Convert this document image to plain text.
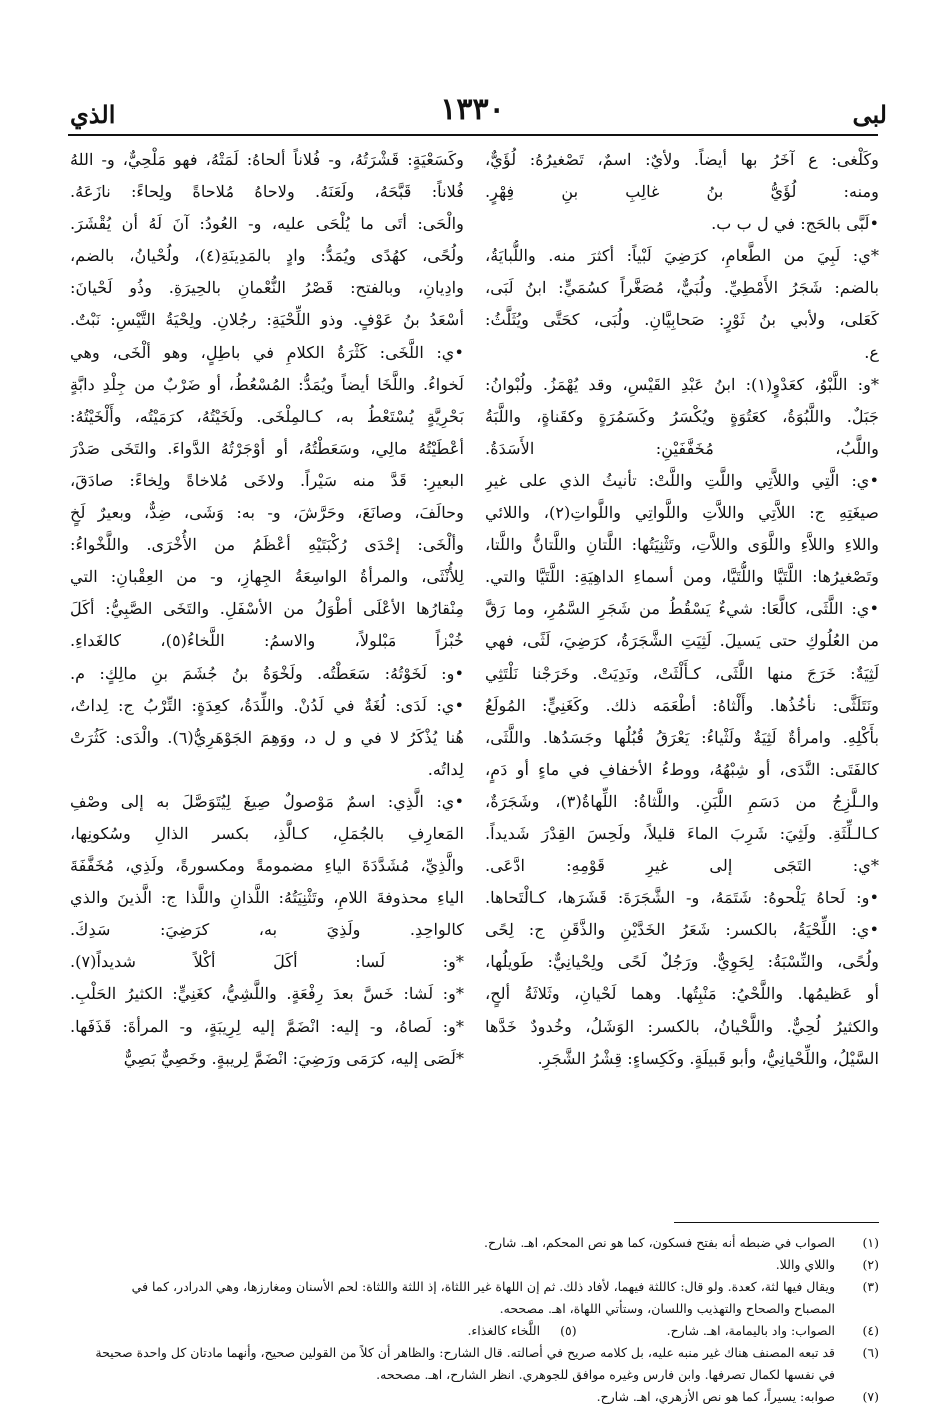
لبى
١٣٣٠
الذي
وكَلْغى: ع آخَرُ بها أيضاً. ولأيٌ: اسمٌ، تَصْغيرُهُ: لُؤَيٌّ،
ومنه: لُؤَيُّ بنُ غالِبِ بنِ فِهْرٍ.
•لَبَّى بالحَج: في ل ب ب.
*ي: لَبِيَ من الطَّعامِ، كرَضِيَ لَبْياً: أكثرَ منه. واللُّبايَةُ،
بالضم: شَجَرُ الأَمْطِيِّ. ولُبَيٌّ، مُصَغَّراً كسُمَيٍّ: ابنُ لَبَى،
كَعَلى، ولأبي بنُ ثَوْرٍ: صَحابِيَّانِ. ولُبَى، كحَتَّى ويُثَلَّثُ:
ع.
*و: اللَّبْوُ، كعَدْوٍ(١): ابنُ عَبْدِ القَيْسِ، وقد يُهْمَزُ. ولُبْوانُ:
جَبَلٌ. واللَّبُوَةُ، كعَتُوَةٍ ويُكْسَرُ وكَسَمُرَةٍ وكقَناةٍ، واللَّبَةُ
واللَّبُ، مُخَفَّفَيْنِ: الأَسَدَةُ.
•ي: الَّتِي واللاَّتِي واللَّتِ واللَّتْ: تأنيثُ الذي على غيرِ
صيغَتِهِ ج: اللاَّتِي واللاَّتِ واللَّواتِي واللَّواتِ(٢)، واللائي
واللاءِ واللاَّءِ واللَّوَى واللاَّتِ، وتَثْنِيَتُها: اللَّتانِ واللَّتانُّ واللَّتا،
وتَصْغيرُها: اللَّتَيَّا واللُّتَيَّا، ومن أسماءِ الداهِيَةِ: اللَّتَيَّا والتي.
•ي: اللَّثَى، كالَّعَا: شيءٌ يَسْقُطُ من شَجَرِ السَّمُرِ، وما رَقَّ
من العُلُوكِ حتى يَسيلَ. لَثِيَتِ الشَّجَرَةُ، كرَضِيَ، لَثًى، فهي
لَثِيَةٌ: خَرَجَ منها اللَّثَى، كـأَلْثَتْ، ونَدِيَتْ. وخَرَجْنا نَلْتَثِي
ونَتَلَثَّى: نأخُذُها. وأَلْثاهُ: أطْعَمَه ذلك. وكَغَنِيٍّ: المُولَعُ
بأَكْلِهِ. وامرأةٌ لَثِيَةٌ ولَثْياءُ: يَعْرَقُ قُبُلُها وجَسَدُها. واللَّثَى،
كالفَتَى: النَّدَى، أو شِبْهُهُ، ووطءُ الأخفافِ في ماءٍ أو دَمٍ،
والـلَّزِجُ من دَسَمِ اللَّبَنِ. واللَّثاةُ: اللِّهاةُ(٣)، وشَجَرَةٌ،
كـالـلِّثَةِ. ولَثِيَ: شَرِبَ الماءَ قليلاً، ولَحِسَ القِدْرَ شَديداً.
*ي: التَجَى إلى غيرِ قَوْمِهِ: ادَّعَى.
•و: لَحاهُ يَلْحوهُ: شَتَمَهُ، و- الشَّجَرَةَ: قَشَرَها، كـالْتَحاها.
•ي: اللِّحْيَةُ، بالكسر: شَعَرُ الخَدَّيْنِ والذَّقَنِ ج: لِحًى
ولُحًى، والنِّسْبَةُ: لِحَوِيٌّ. ورَجُلٌ لَحًى ولِحْيانِيٌّ: طَويلُها،
أو عَظيمُها. واللَّحْيُ: مَنْبِتُها. وهما لَحْيانِ، وثَلاثَةُ ألحٍ،
والكثيرُ لُحِيٌّ. واللَّحْيانُ، بالكسر: الوَشَلُ، وخُدودٌ خَدَّها
السَّيْلُ، واللِّحْيانِيُّ، وأبو قَبيلَةٍ. وكَكِساءٍ: قِشْرُ الشَّجَرِ.
وكَسَعْيَةٍ: قَشْرَتُهُ، و- فُلاناً ألحاهُ: لَمَتْهُ، فهو مَلْحِيٌّ، و- اللهُ
فُلاناً: قَبَّحَهُ، ولَعَنَهُ. ولاحاهُ مُلاحاةً ولِحاءً: نازَعَهُ.
والْحَى: أتَى ما يُلْحَى عليه، و- العُودُ: آنَ لَهُ أن يُقْشَرَ.
ولُحًى، كهُدًى ويُمَدُّ: وادٍ بالمَدِينَةِ(٤)، ولُحْيانُ، بالضم،
وادِيانِ، وبالفتح: قَصْرُ النُّعْمانِ بالحِيرَةِ. وذُو لَحْيانَ:
أسْعَدُ بنُ عَوْفٍ. وذو اللِّحْيَةِ: رجُلانِ. ولِحْيَةُ التَّيْسِ: نَبْتٌ.
•ي: اللَّخَى: كَثْرَةُ الكلامِ في باطِلٍ، وهو ألْخَى، وهي
لَخواءُ. واللَّخَا أيضاً ويُمَدُّ: المُسْعُطُ، أو ضَرْبٌ من جِلْدِ دابَّةٍ
بَحْرِيَّةٍ يُسْتَعْطُ به، كـالمِلْخَى. ولَخَيْتُهُ، كرَمَيْتُه، وأَلْخَيْتُهُ:
أعْطَيْتُهُ مالِي، وسَعَطْتُهُ، أو أوْجَرْتُهُ الدَّواءَ. والتَخَى صَدْرَ
البعيرِ: قَدَّ منه سَيْراً. ولاخَى مُلاخاةً ولِخاءً: صادَقَ،
وحالَفَ، وصانَعَ، وحَرَّشَ، و- به: وَشَى، ضِدٌّ، وبعيرٌ لَخٍ
وألْخَى: إحْدَى رُكْبَتَيْهِ أعْظَمُ من الأُخْرَى. واللَّخْواءُ:
لِلأُنْثَى، والمرأةُ الواسِعَةُ الجِهازِ، و- من العِقْبانِ: التي
مِنْقارُها الأعْلَى أطْوَلُ من الأسْفَلِ. والتَخَى الصَّبِيُّ: أكَلَ
خُبْزاً مَبْلولاً، والاسمُ: اللَّخاءُ(٥)، كالغَداءِ.
•و: لَخَوْتُهُ: سَعَطْتُه. ولَخْوَةُ بنُ جُشَمَ بنِ مالِكٍ: م.
•ي: لَدَى: لُغَةٌ في لَدُنْ. واللِّدَةُ، كعِدَةٍ: التِّرْبُ ج: لِداتٌ،
هُنا يُذْكَرُ لا في و ل د، ووَهِمَ الجَوْهَرِيُّ(٦). والْدَى: كَثُرَتْ
لِداتُه.
•ي: الَّذِي: اسمٌ مَوْصولٌ صِيغَ لِيُتَوَصَّلَ به إلى وصْفِ
المَعارِفِ بالجُمَلِ، كـالَّذِ، بكسر الذالِ وسُكونِها،
والَّذِيِّ، مُشَدَّدَةَ الياءِ مضمومةً ومكسورةً، ولَذِي، مُخَفَّفَةَ
الياءِ محذوفةَ اللامِ، وتَثْنِيَتُهُ: اللَّذانِ واللَّذا ج: الَّذينَ والذي
كالواحِدِ. ولَذِيَ به، كرَضِيَ: سَدِكَ.
*و: لَسا: أكَلَ أكْلاً شديداً(٧).
*و: لَشا: خَسَّ بعدَ رِفْعَةٍ. واللَّشِيُّ، كغَنِيٍّ: الكثيرُ الحَلْبِ.
*و: لَصاهُ، و- إليه: انْضَمَّ إليه لِرِيبَةٍ، و- المرأةَ: قَذَفَها.
*لَصَى إليه، كرَمَى ورَضِيَ: انْضَمَّ لِريبةٍ. وخَصِيٌّ بَصِيٌّ
(١)
الصواب في ضبطه أنه بفتح فسكون، كما هو نص المحكم، اهـ. شارح.
(٢)
واللاي واللا.
(٣)
ويقال فيها لثة، كعدة. ولو قال: كاللثة فيهما، لأفاد ذلك. ثم إن اللهاة غير اللثاة، إذ اللثة واللثاة: لحم الأسنان ومغارزها، وهي الدرادر، كما في
المصباح والصحاح والتهذيب واللسان، وستأتي اللهاة، اهـ. مصححه.
(٤)
الصواب: واد باليمامة، اهـ. شارح.
(٥)
اللَّخاء كالغذاء.
(٦)
قد تبعه المصنف هناك غير منبه عليه، بل كلامه صريح في أصالته. قال الشارح: والظاهر أن كلاً من القولين صحيح، وأنهما مادتان كل واحدة صحيحة
في نفسها لكمال تصرفها. وابن فارس وغيره موافق للجوهري. انظر الشارح، اهـ. مصححه.
(٧)
صوابه: يسيراً، كما هو نص الأزهري، اهـ. شارح.
